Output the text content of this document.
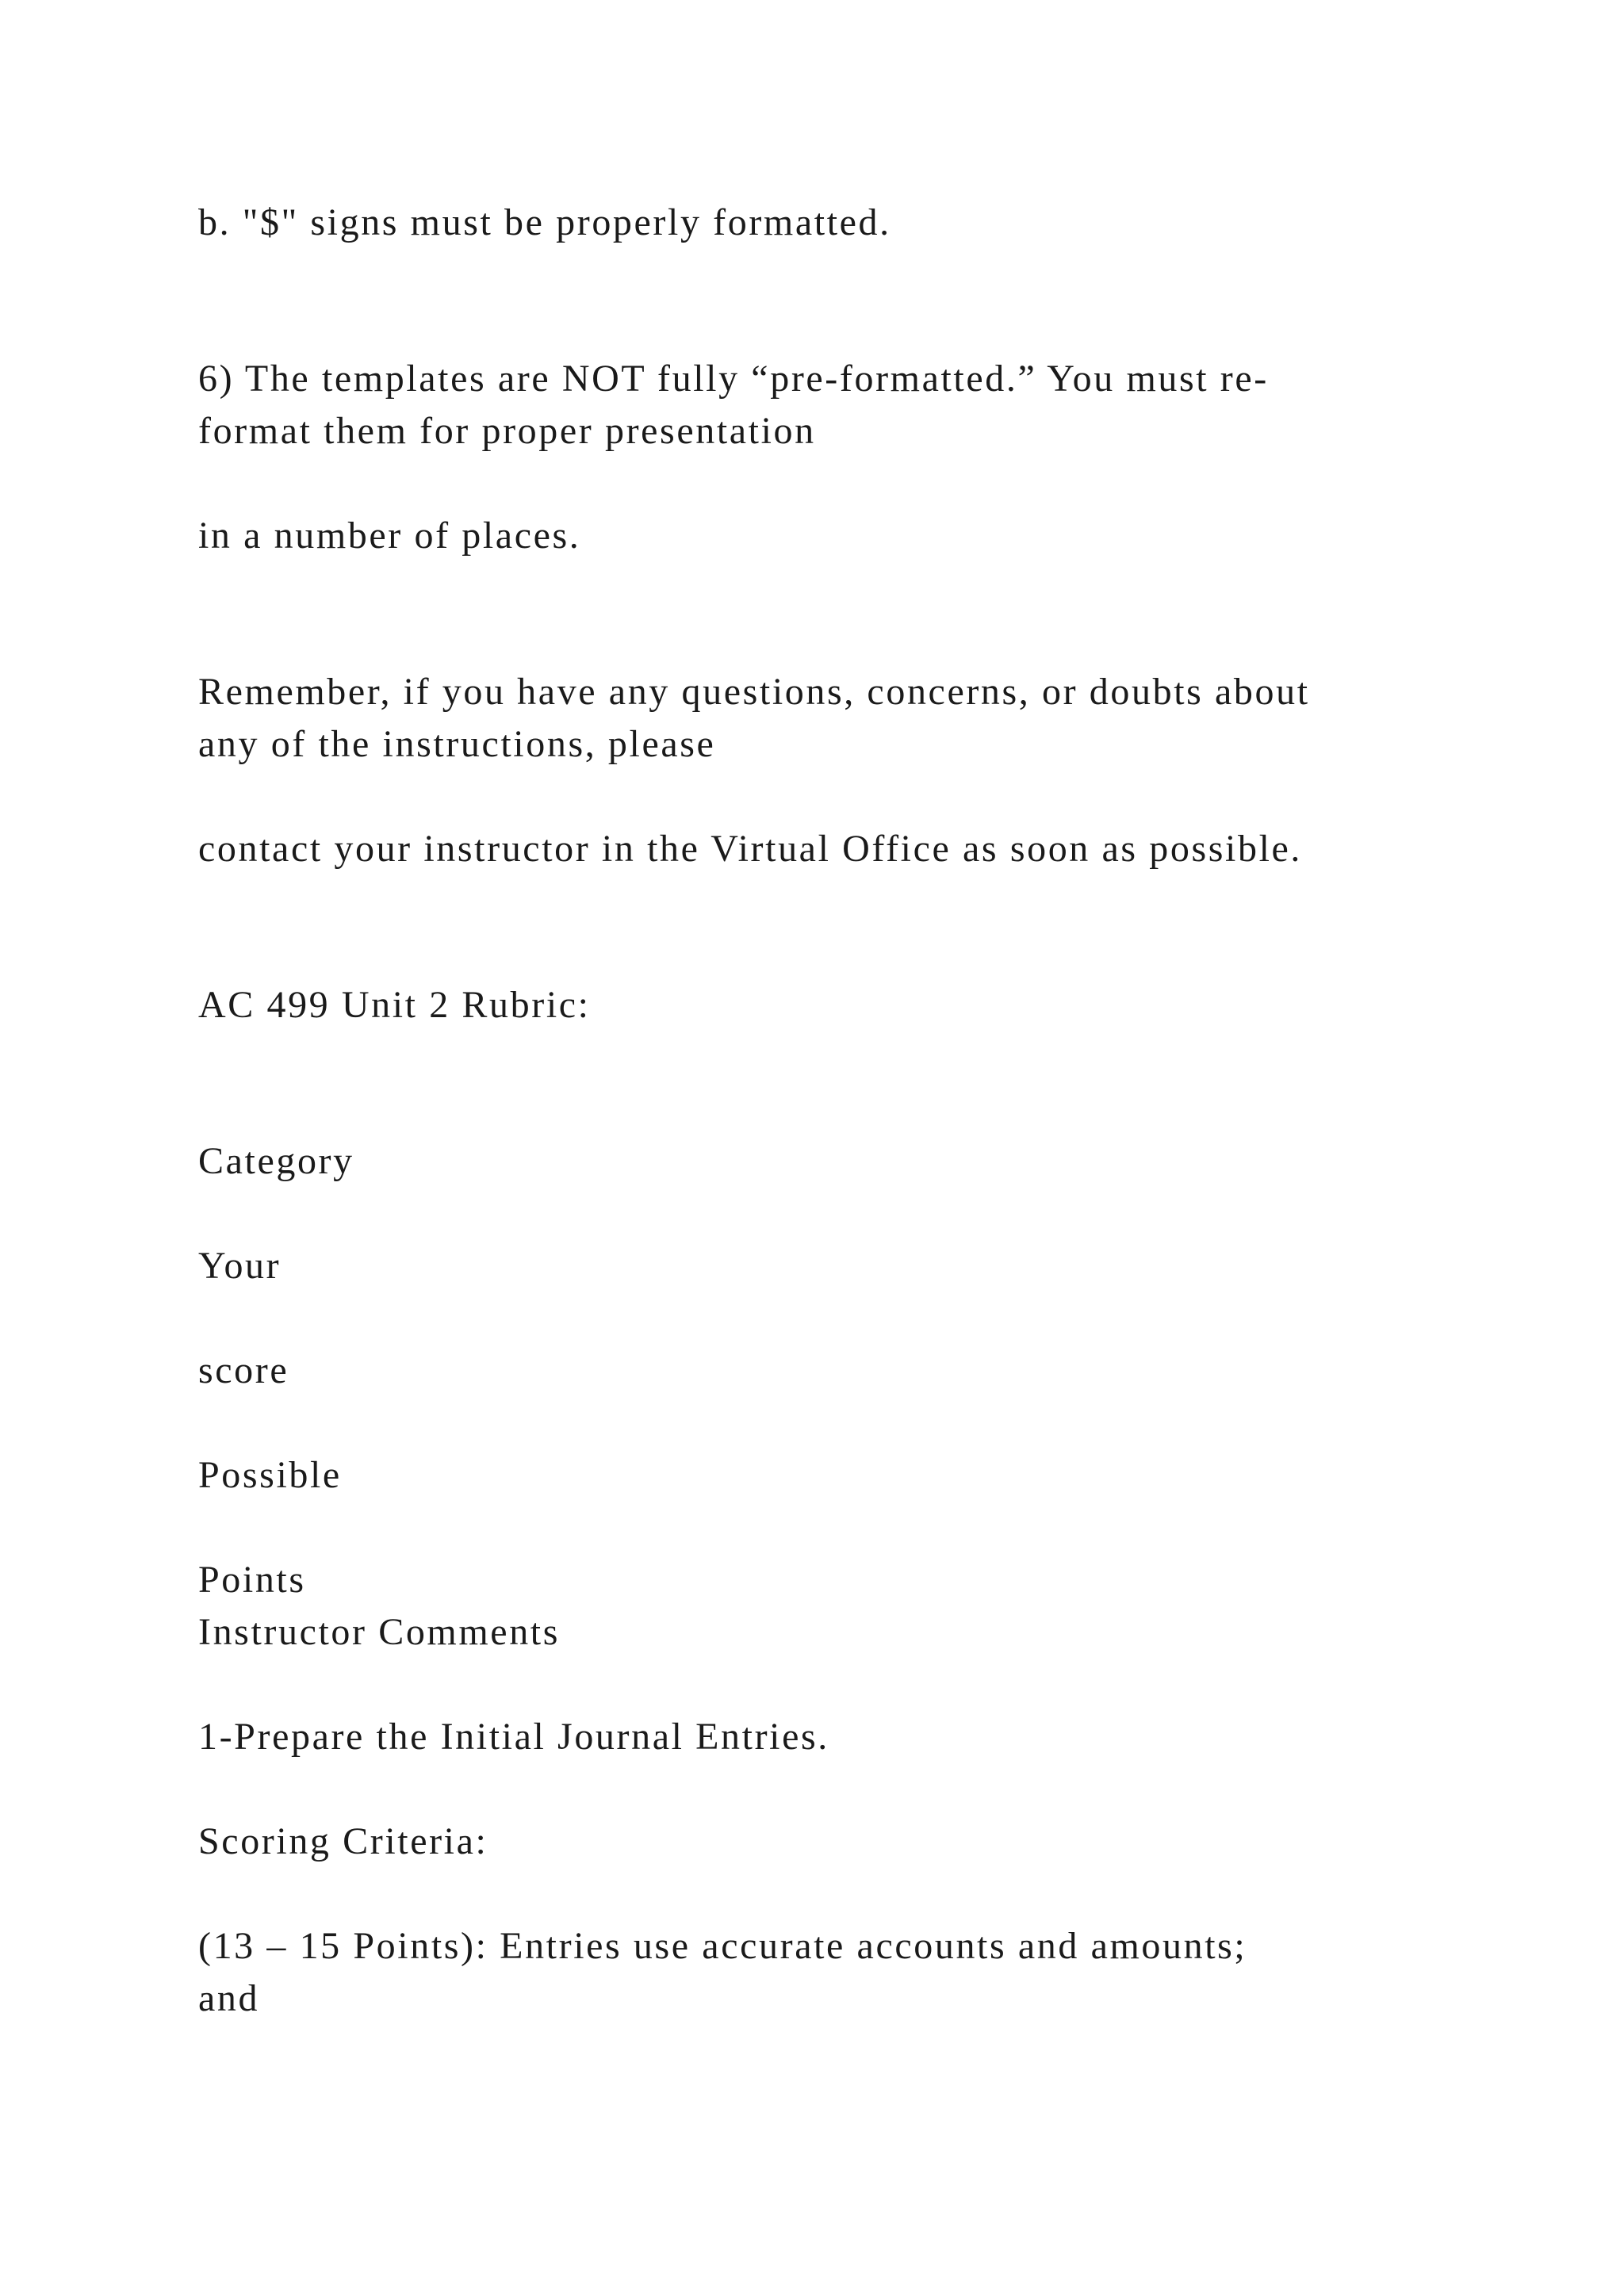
b. "$" signs must be properly formatted.

6) The templates are NOT fully “pre-formatted.” You must re-

format them for proper presentation

in a number of places.

Remember, if you have any questions, concerns, or doubts about

any of the instructions, please

contact your instructor in the Virtual Office as soon as possible.

AC 499 Unit 2 Rubric:

Category

Your

score

Possible

Points

Instructor Comments

1-Prepare the Initial Journal Entries.

Scoring Criteria:

(13 – 15 Points): Entries use accurate accounts and amounts;

and
